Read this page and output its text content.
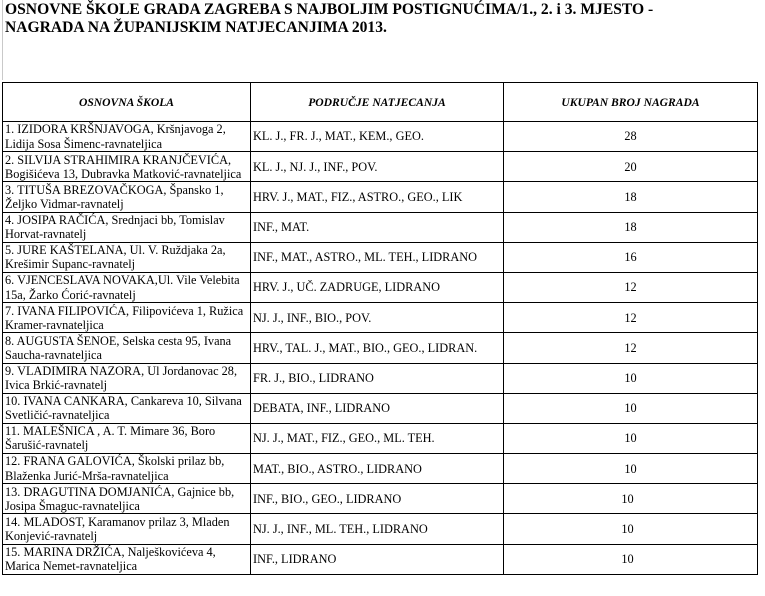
OSNOVNE ŠKOLE GRADA ZAGREBA S NAJBOLJIM POSTIGNUĆIMA/1., 2. i 3. MJESTO -
NAGRADA NA ŽUPANIJSKIM NATJECANJIMA 2013.
OSNOVNA ŠKOLA	PODRUČJE NATJECANJA	UKUPAN BROJ NAGRADA
1. IZIDORA KRŠNJAVOGA, Kršnjavoga 2, Lidija Sosa Šimenc-ravnateljica	KL. J., FR. J., MAT., KEM., GEO.	28
2. SILVIJA STRAHIMIRA KRANJČEVIĆA, Bogišićeva 13, Dubravka Matković-ravnateljica	KL. J., NJ. J., INF., POV.	20
3. TITUŠA BREZOVAČKOGA, Špansko 1, Željko Vidmar-ravnatelj	HRV. J., MAT., FIZ., ASTRO., GEO., LIK	18
4. JOSIPA RAČIĆA, Srednjaci bb, Tomislav Horvat-ravnatelj	INF., MAT.	18
5. JURE KAŠTELANA, Ul. V. Ruždjaka 2a, Krešimir Supanc-ravnatelj	INF., MAT., ASTRO., ML. TEH., LIDRANO	16
6. VJENCESLAVA NOVAKA,Ul. Vile Velebita 15a, Žarko Ćorić-ravnatelj	HRV. J., UČ. ZADRUGE, LIDRANO	12
7. IVANA FILIPOVIĆA, Filipovićeva 1, Ružica Kramer-ravnateljica	NJ. J., INF., BIO., POV.	12
8. AUGUSTA ŠENOE, Selska cesta 95, Ivana Saucha-ravnateljica	HRV., TAL. J., MAT., BIO., GEO., LIDRAN.	12
9. VLADIMIRA NAZORA, Ul Jordanovac 28, Ivica Brkić-ravnatelj	FR. J., BIO., LIDRANO	10
10. IVANA CANKARA, Cankareva 10, Silvana Svetličić-ravnateljica	DEBATA, INF., LIDRANO	10
11. MALEŠNICA , A. T. Mimare 36, Boro Šarušić-ravnatelj	NJ. J., MAT., FIZ., GEO., ML. TEH.	10
12. FRANA GALOVIĆA, Školski prilaz bb, Blaženka Jurić-Mrša-ravnateljica	MAT., BIO., ASTRO., LIDRANO	10
13. DRAGUTINA DOMJANIĆA, Gajnice bb, Josipa Šmaguc-ravnateljica	INF., BIO., GEO., LIDRANO	10
14. MLADOST, Karamanov prilaz 3, Mladen Konjević-ravnatelj	NJ. J., INF., ML. TEH., LIDRANO	10
15. MARINA DRŽIĆA, Nalješkovićeva 4, Marica Nemet-ravnateljica	INF., LIDRANO	10
